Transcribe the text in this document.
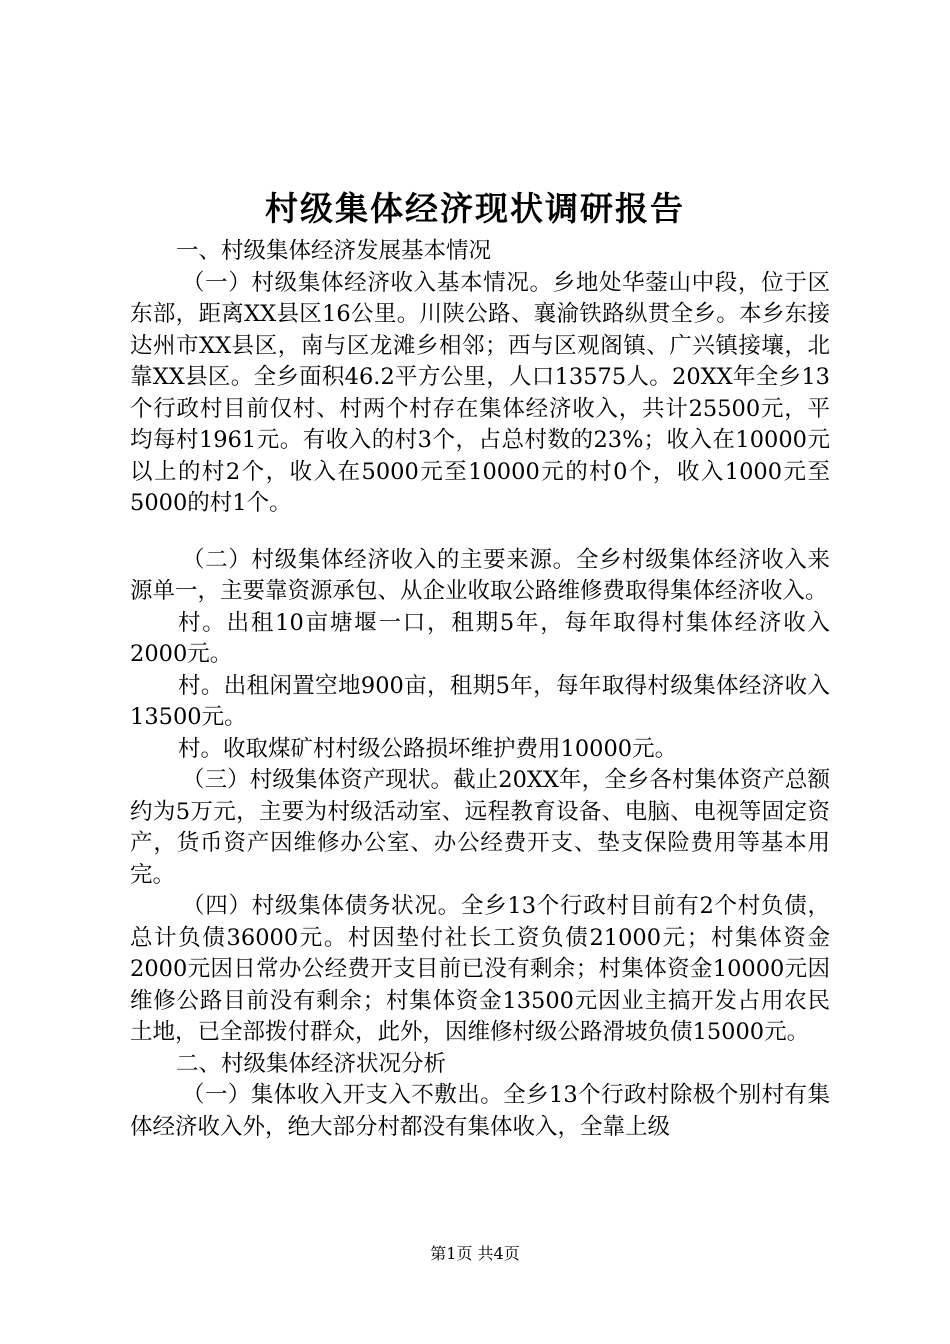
村级集体经济现状调研报告

一、村级集体经济发展基本情况

（一）村级集体经济收入基本情况。乡地处华蓥山中段，位于区东部，距离XX县区16公里。川陕公路、襄渝铁路纵贯全乡。本乡东接达州市XX县区，南与区龙滩乡相邻；西与区观阁镇、广兴镇接壤，北靠XX县区。全乡面积46.2平方公里，人口13575人。20XX年全乡13个行政村目前仅村、村两个村存在集体经济收入，共计25500元，平均每村1961元。有收入的村3个，占总村数的23%；收入在10000元以上的村2个，收入在5000元至10000元的村0个，收入1000元至5000的村1个。

（二）村级集体经济收入的主要来源。全乡村级集体经济收入来源单一，主要靠资源承包、从企业收取公路维修费取得集体经济收入。

村。出租10亩塘堰一口，租期5年，每年取得村集体经济收入2000元。

村。出租闲置空地900亩，租期5年，每年取得村级集体经济收入13500元。

村。收取煤矿村村级公路损坏维护费用10000元。

（三）村级集体资产现状。截止20XX年，全乡各村集体资产总额约为5万元，主要为村级活动室、远程教育设备、电脑、电视等固定资产，货币资产因维修办公室、办公经费开支、垫支保险费用等基本用完。

（四）村级集体债务状况。全乡13个行政村目前有2个村负债，总计负债36000元。村因垫付社长工资负债21000元；村集体资金2000元因日常办公经费开支目前已没有剩余；村集体资金10000元因维修公路目前没有剩余；村集体资金13500元因业主搞开发占用农民土地，已全部拨付群众，此外，因维修村级公路滑坡负债15000元。

二、村级集体经济状况分析

（一）集体收入开支入不敷出。全乡13个行政村除极个别村有集体经济收入外，绝大部分村都没有集体收入，全靠上级

第1页 共4页
